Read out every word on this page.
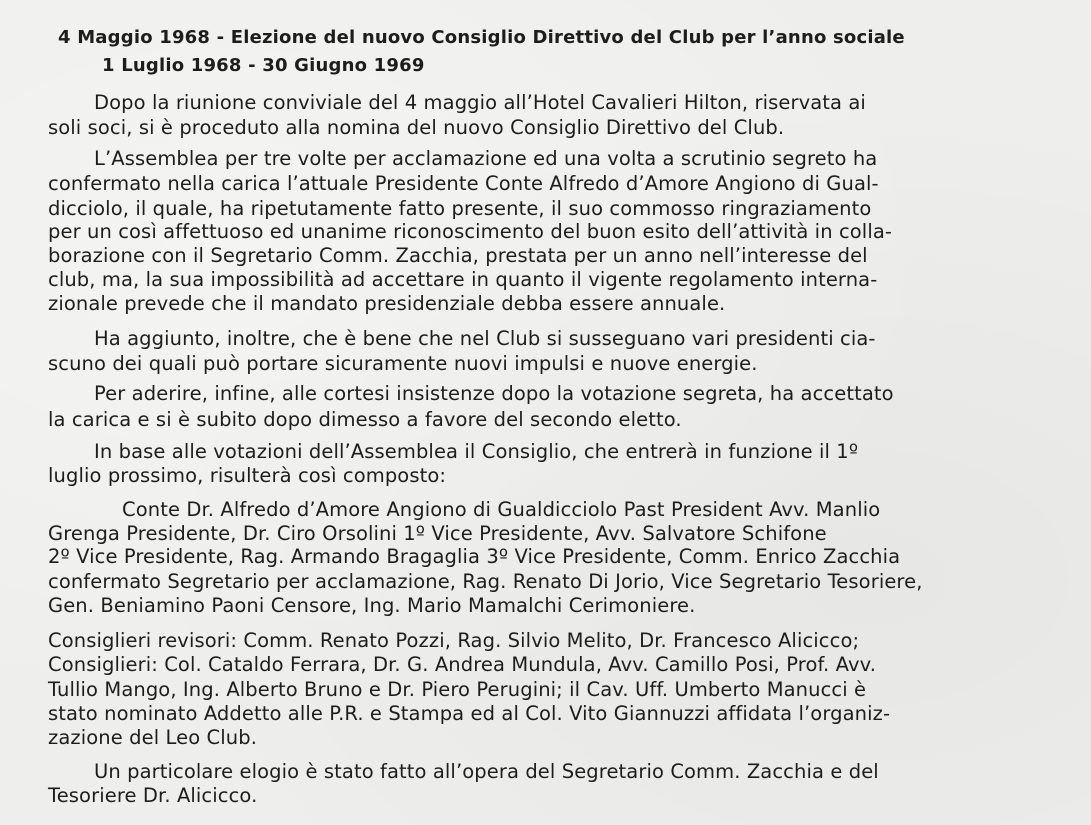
4 Maggio 1968 - Elezione del nuovo Consiglio Direttivo del Club per l’anno sociale
1 Luglio 1968 - 30 Giugno 1969
Dopo la riunione conviviale del 4 maggio all’Hotel Cavalieri Hilton, riservata ai
soli soci, si è proceduto alla nomina del nuovo Consiglio Direttivo del Club.
L’Assemblea per tre volte per acclamazione ed una volta a scrutinio segreto ha
confermato nella carica l’attuale Presidente Conte Alfredo d’Amore Angiono di Gual-
dicciolo, il quale, ha ripetutamente fatto presente, il suo commosso ringraziamento
per un così affettuoso ed unanime riconoscimento del buon esito dell’attività in colla-
borazione con il Segretario Comm. Zacchia, prestata per un anno nell’interesse del
club, ma, la sua impossibilità ad accettare in quanto il vigente regolamento interna-
zionale prevede che il mandato presidenziale debba essere annuale.
Ha aggiunto, inoltre, che è bene che nel Club si susseguano vari presidenti cia-
scuno dei quali può portare sicuramente nuovi impulsi e nuove energie.
Per aderire, infine, alle cortesi insistenze dopo la votazione segreta, ha accettato
la carica e si è subito dopo dimesso a favore del secondo eletto.
In base alle votazioni dell’Assemblea il Consiglio, che entrerà in funzione il 1º
luglio prossimo, risulterà così composto:
Conte Dr. Alfredo d’Amore Angiono di Gualdicciolo Past President Avv. Manlio
Grenga Presidente, Dr. Ciro Orsolini 1º Vice Presidente, Avv. Salvatore Schifone
2º Vice Presidente, Rag. Armando Bragaglia 3º Vice Presidente, Comm. Enrico Zacchia
confermato Segretario per acclamazione, Rag. Renato Di Jorio, Vice Segretario Tesoriere,
Gen. Beniamino Paoni Censore, Ing. Mario Mamalchi Cerimoniere.
Consiglieri revisori: Comm. Renato Pozzi, Rag. Silvio Melito, Dr. Francesco Alicicco;
Consiglieri: Col. Cataldo Ferrara, Dr. G. Andrea Mundula, Avv. Camillo Posi, Prof. Avv.
Tullio Mango, Ing. Alberto Bruno e Dr. Piero Perugini; il Cav. Uff. Umberto Manucci è
stato nominato Addetto alle P.R. e Stampa ed al Col. Vito Giannuzzi affidata l’organiz-
zazione del Leo Club.
Un particolare elogio è stato fatto all’opera del Segretario Comm. Zacchia e del
Tesoriere Dr. Alicicco.
